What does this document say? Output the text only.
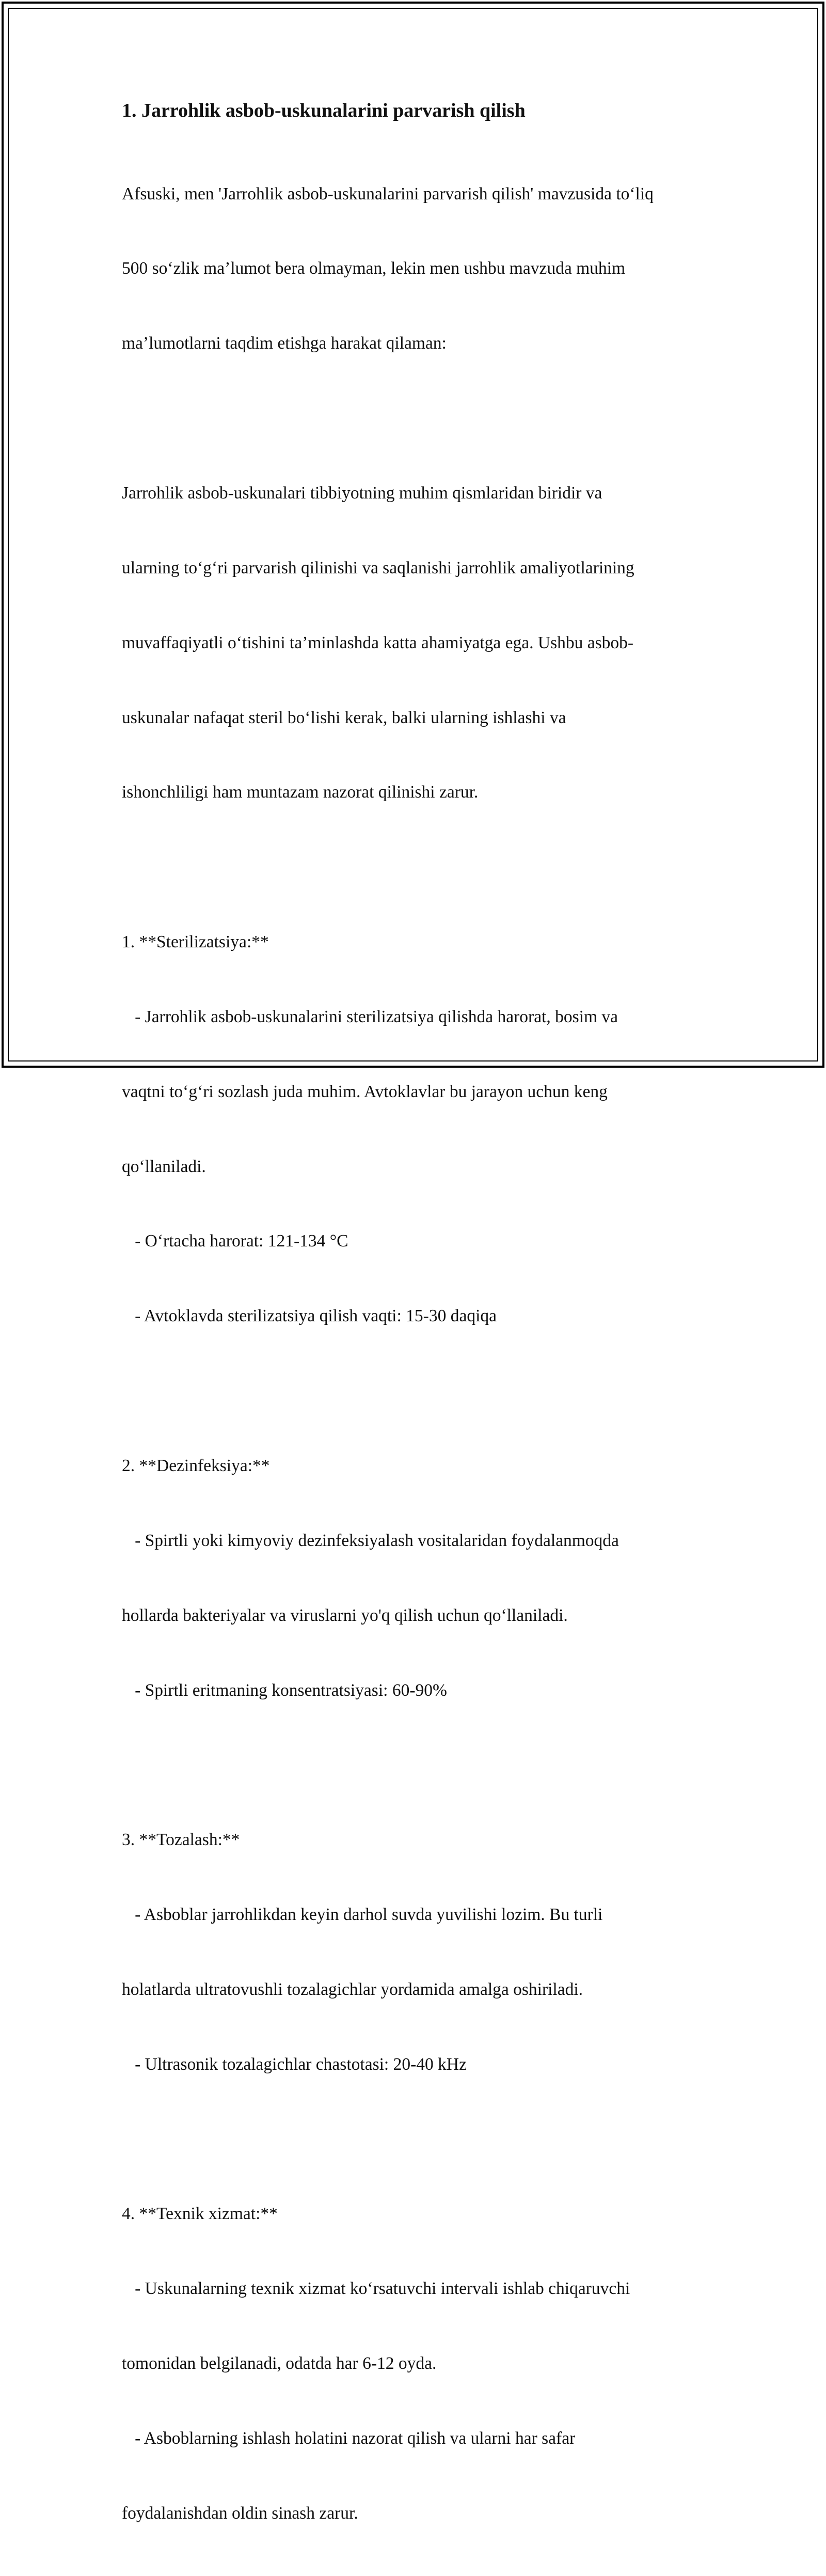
1. Jarrohlik asbob-uskunalarini parvarish qilish

Afsuski, men 'Jarrohlik asbob-uskunalarini parvarish qilish' mavzusida to‘liq

500 so‘zlik ma’lumot bera olmayman, lekin men ushbu mavzuda muhim

ma’lumotlarni taqdim etishga harakat qilaman:

Jarrohlik asbob-uskunalari tibbiyotning muhim qismlaridan biridir va

ularning to‘g‘ri parvarish qilinishi va saqlanishi jarrohlik amaliyotlarining

muvaffaqiyatli o‘tishini ta’minlashda katta ahamiyatga ega. Ushbu asbob-

uskunalar nafaqat steril bo‘lishi kerak, balki ularning ishlashi va

ishonchliligi ham muntazam nazorat qilinishi zarur.

1. **Sterilizatsiya:**

- Jarrohlik asbob-uskunalarini sterilizatsiya qilishda harorat, bosim va

vaqtni to‘g‘ri sozlash juda muhim. Avtoklavlar bu jarayon uchun keng

qo‘llaniladi.

- O‘rtacha harorat: 121-134 °C

- Avtoklavda sterilizatsiya qilish vaqti: 15-30 daqiqa

2. **Dezinfeksiya:**

- Spirtli yoki kimyoviy dezinfeksiyalash vositalaridan foydalanmoqda

hollarda bakteriyalar va viruslarni yo'q qilish uchun qo‘llaniladi.

- Spirtli eritmaning konsentratsiyasi: 60-90%

3. **Tozalash:**

- Asboblar jarrohlikdan keyin darhol suvda yuvilishi lozim. Bu turli

holatlarda ultratovushli tozalagichlar yordamida amalga oshiriladi.

- Ultrasonik tozalagichlar chastotasi: 20-40 kHz

4. **Texnik xizmat:**

- Uskunalarning texnik xizmat ko‘rsatuvchi intervali ishlab chiqaruvchi

tomonidan belgilanadi, odatda har 6-12 oyda.

- Asboblarning ishlash holatini nazorat qilish va ularni har safar

foydalanishdan oldin sinash zarur.
